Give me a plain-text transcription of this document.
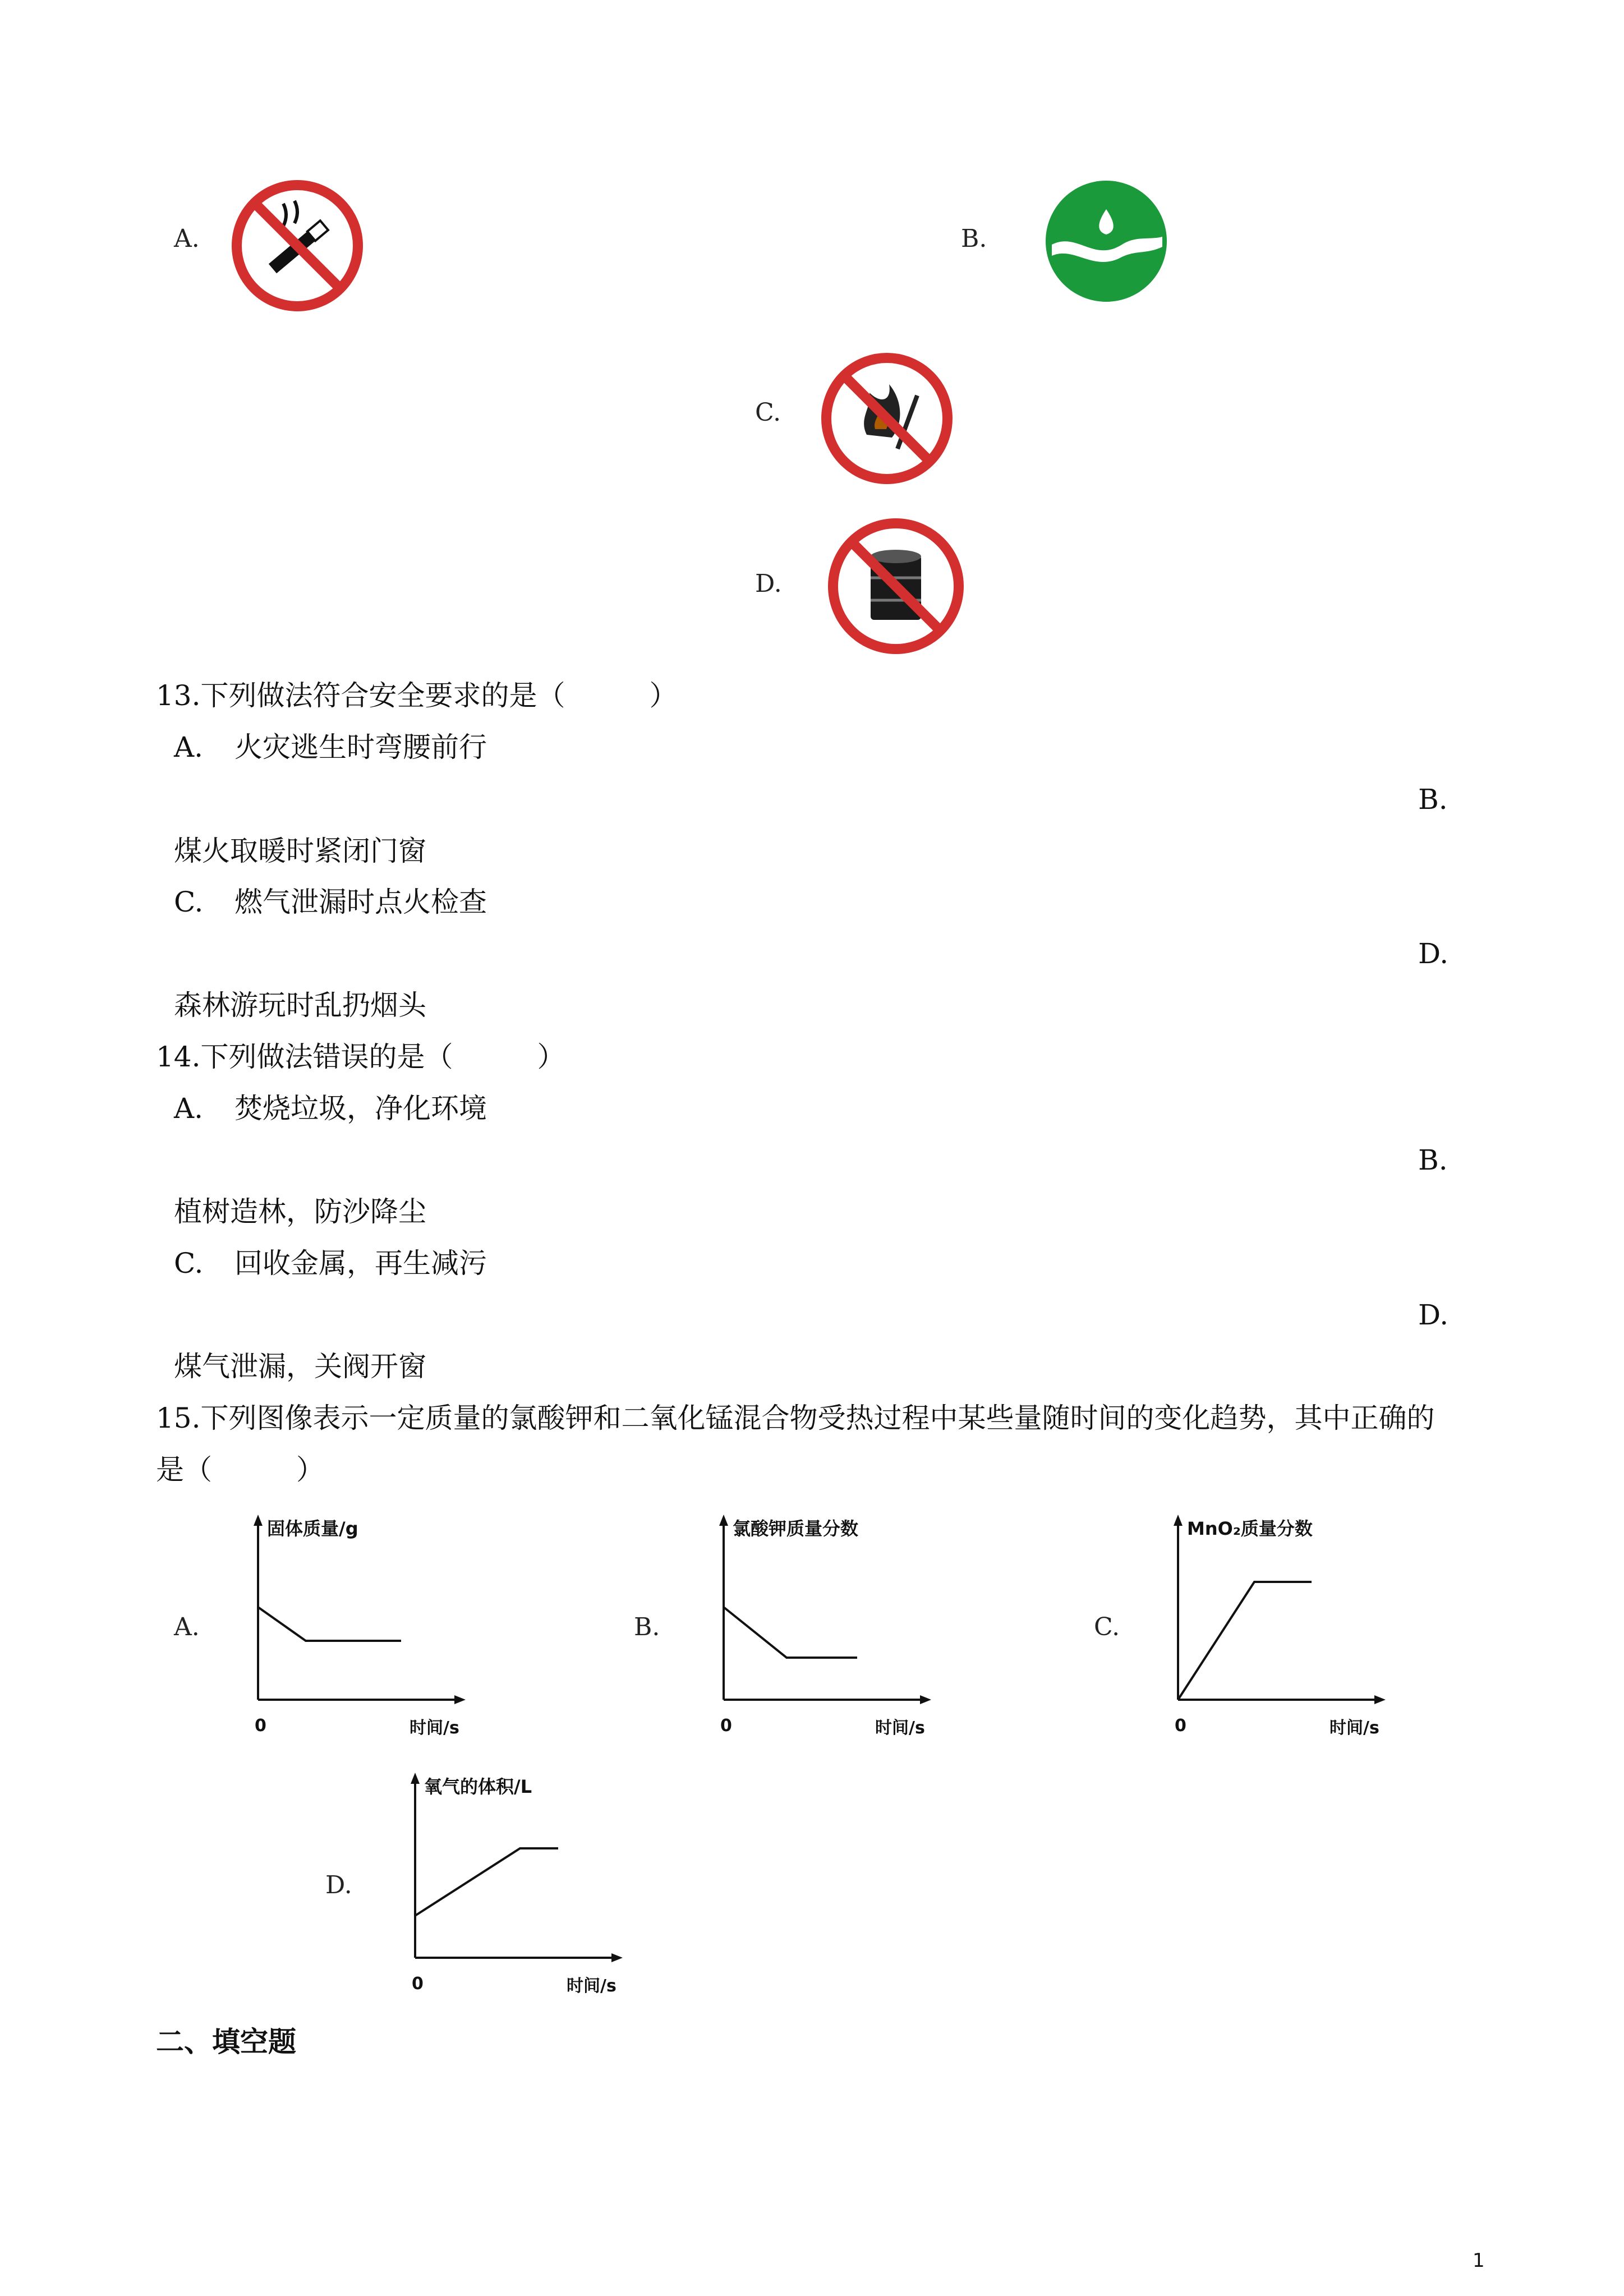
A.	B.
C.
D.
13.下列做法符合安全要求的是（　　　）
A. 火灾逃生时弯腰前行
B.
煤火取暖时紧闭门窗
C. 燃气泄漏时点火检查
D.
森林游玩时乱扔烟头
14.下列做法错误的是（　　　）
A. 焚烧垃圾，净化环境
B.
植树造林，防沙降尘
C. 回收金属，再生减污
D.
煤气泄漏，关阀开窗
15.下列图像表示一定质量的氯酸钾和二氧化锰混合物受热过程中某些量随时间的变化趋势，其中正确的
是（　　　）
A.	B.	C.
D.
固体质量/g
时间/s
0
氯酸钾质量分数
时间/s
0
MnO₂质量分数
时间/s
0
氧气的体积/L
时间/s
0
二、填空题
1
